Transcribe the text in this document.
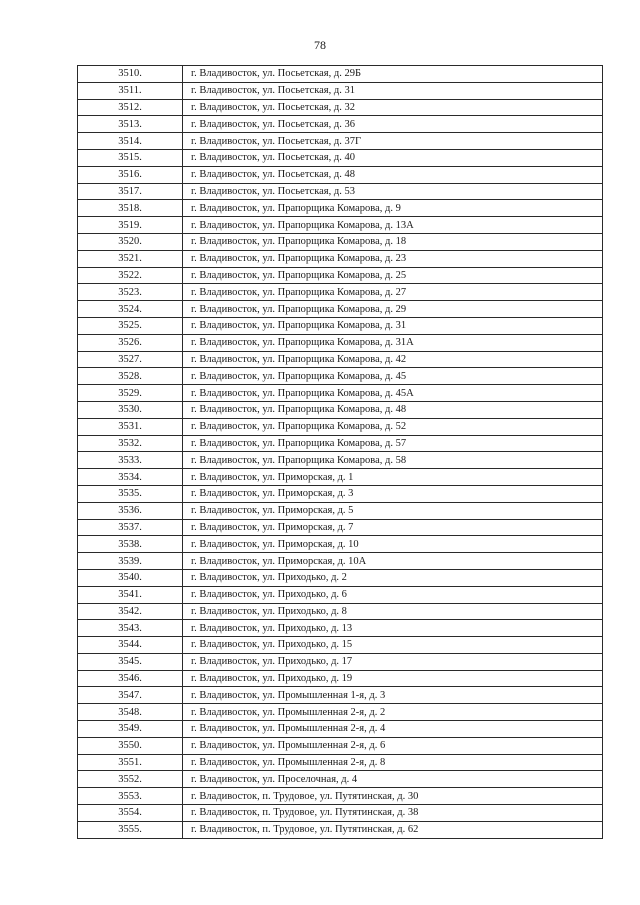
78
3510.	г. Владивосток, ул. Посьетская, д. 29Б
3511.	г. Владивосток, ул. Посьетская, д. 31
3512.	г. Владивосток, ул. Посьетская, д. 32
3513.	г. Владивосток, ул. Посьетская, д. 36
3514.	г. Владивосток, ул. Посьетская, д. 37Г
3515.	г. Владивосток, ул. Посьетская, д. 40
3516.	г. Владивосток, ул. Посьетская, д. 48
3517.	г. Владивосток, ул. Посьетская, д. 53
3518.	г. Владивосток, ул. Прапорщика Комарова, д. 9
3519.	г. Владивосток, ул. Прапорщика Комарова, д. 13А
3520.	г. Владивосток, ул. Прапорщика Комарова, д. 18
3521.	г. Владивосток, ул. Прапорщика Комарова, д. 23
3522.	г. Владивосток, ул. Прапорщика Комарова, д. 25
3523.	г. Владивосток, ул. Прапорщика Комарова, д. 27
3524.	г. Владивосток, ул. Прапорщика Комарова, д. 29
3525.	г. Владивосток, ул. Прапорщика Комарова, д. 31
3526.	г. Владивосток, ул. Прапорщика Комарова, д. 31А
3527.	г. Владивосток, ул. Прапорщика Комарова, д. 42
3528.	г. Владивосток, ул. Прапорщика Комарова, д. 45
3529.	г. Владивосток, ул. Прапорщика Комарова, д. 45А
3530.	г. Владивосток, ул. Прапорщика Комарова, д. 48
3531.	г. Владивосток, ул. Прапорщика Комарова, д. 52
3532.	г. Владивосток, ул. Прапорщика Комарова, д. 57
3533.	г. Владивосток, ул. Прапорщика Комарова, д. 58
3534.	г. Владивосток, ул. Приморская, д. 1
3535.	г. Владивосток, ул. Приморская, д. 3
3536.	г. Владивосток, ул. Приморская, д. 5
3537.	г. Владивосток, ул. Приморская, д. 7
3538.	г. Владивосток, ул. Приморская, д. 10
3539.	г. Владивосток, ул. Приморская, д. 10А
3540.	г. Владивосток, ул. Приходько, д. 2
3541.	г. Владивосток, ул. Приходько, д. 6
3542.	г. Владивосток, ул. Приходько, д. 8
3543.	г. Владивосток, ул. Приходько, д. 13
3544.	г. Владивосток, ул. Приходько, д. 15
3545.	г. Владивосток, ул. Приходько, д. 17
3546.	г. Владивосток, ул. Приходько, д. 19
3547.	г. Владивосток, ул. Промышленная 1-я, д. 3
3548.	г. Владивосток, ул. Промышленная 2-я, д. 2
3549.	г. Владивосток, ул. Промышленная 2-я, д. 4
3550.	г. Владивосток, ул. Промышленная 2-я, д. 6
3551.	г. Владивосток, ул. Промышленная 2-я, д. 8
3552.	г. Владивосток, ул. Проселочная, д. 4
3553.	г. Владивосток, п. Трудовое, ул. Путятинская, д. 30
3554.	г. Владивосток, п. Трудовое, ул. Путятинская, д. 38
3555.	г. Владивосток, п. Трудовое, ул. Путятинская, д. 62
